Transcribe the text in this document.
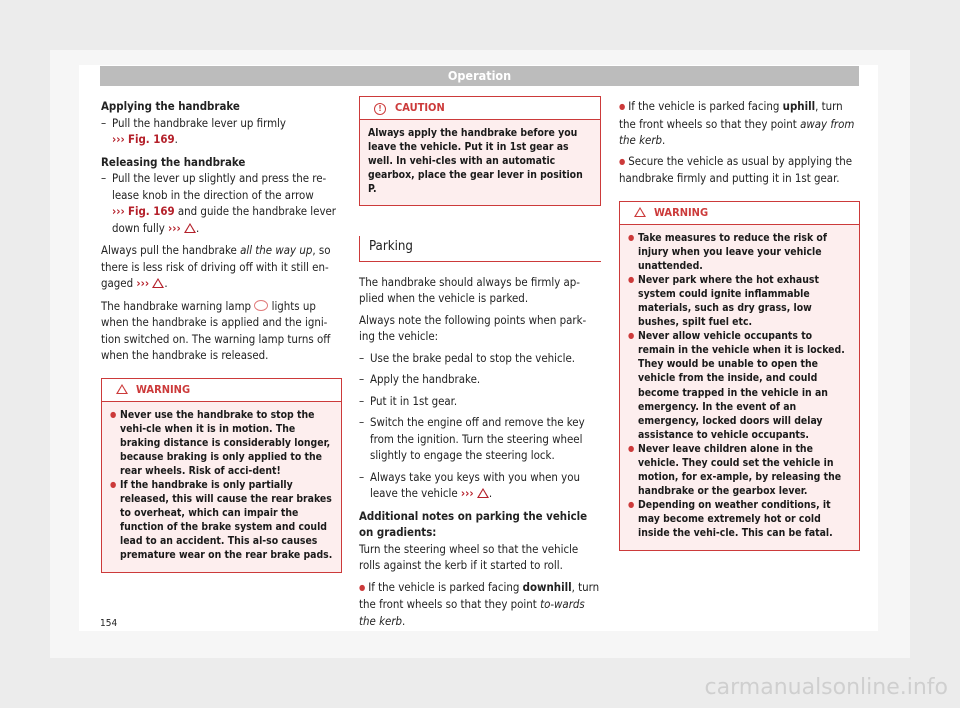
Operation

Applying the handbrake

– Pull the handbrake lever up firmly
››› Fig. 169.

Releasing the handbrake

– Pull the lever up slightly and press the re-
lease knob in the direction of the arrow
››› Fig. 169 and guide the handbrake lever
down fully ››› .

Always pull the handbrake all the way up, so there is less risk of driving off with it still en-gaged ››› .

The handbrake warning lamp  lights up when the handbrake is applied and the igni-tion switched on. The warning lamp turns off when the handbrake is released.

WARNING

● Never use the handbrake to stop the vehi-cle when it is in motion. The braking distance is considerably longer, because braking is only applied to the rear wheels. Risk of acci-dent!

● If the handbrake is only partially released, this will cause the rear brakes to overheat, which can impair the function of the brake system and could lead to an accident. This al-so causes premature wear on the rear brake pads.

! CAUTION
Always apply the handbrake before you leave the vehicle. Put it in 1st gear as well. In vehi-cles with an automatic gearbox, place the gear lever in position P.
Parking

The handbrake should always be firmly ap-plied when the vehicle is parked.

Always note the following points when park-ing the vehicle:

– Use the brake pedal to stop the vehicle.

– Apply the handbrake.

– Put it in 1st gear.

– Switch the engine off and remove the key from the ignition. Turn the steering wheel slightly to engage the steering lock.

– Always take you keys with you when you leave the vehicle ››› .

Additional notes on parking the vehicle on gradients:

Turn the steering wheel so that the vehicle rolls against the kerb if it started to roll.

● If the vehicle is parked facing downhill, turn the front wheels so that they point to-wards the kerb.

● If the vehicle is parked facing uphill, turn the front wheels so that they point away from the kerb.

● Secure the vehicle as usual by applying the handbrake firmly and putting it in 1st gear.

WARNING

● Take measures to reduce the risk of injury when you leave your vehicle unattended.

● Never park where the hot exhaust system could ignite inflammable materials, such as dry grass, low bushes, spilt fuel etc.

● Never allow vehicle occupants to remain in the vehicle when it is locked. They would be unable to open the vehicle from the inside, and could become trapped in the vehicle in an emergency. In the event of an emergency, locked doors will delay assistance to vehicle occupants.

● Never leave children alone in the vehicle. They could set the vehicle in motion, for ex-ample, by releasing the handbrake or the gearbox lever.

● Depending on weather conditions, it may become extremely hot or cold inside the vehi-cle. This can be fatal.

154
carmanualsonline.info
